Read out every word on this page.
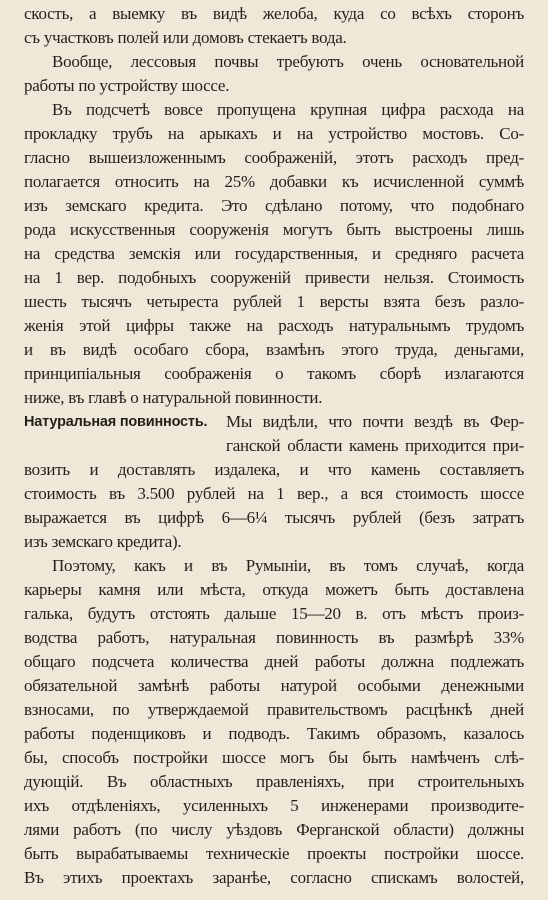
скость, а выемку въ видѣ желоба, куда со всѣхъ сторонъ
съ участковъ полей или домовъ стекаетъ вода.
Вообще, лессовыя почвы требуютъ очень основательной
работы по устройству шоссе.
Въ подсчетѣ вовсе пропущена крупная цифра расхода на
прокладку трубъ на арыкахъ и на устройство мостовъ. Со-
гласно вышеизложеннымъ соображеній, этотъ расходъ пред-
полагается относить на 25% добавки къ исчисленной суммѣ
изъ земскаго кредита. Это сдѣлано потому, что подобнаго
рода искусственныя сооруженія могутъ быть выстроены лишь
на средства земскія или государственныя, и средняго расчета
на 1 вер. подобныхъ сооруженій привести нельзя. Стоимость
шесть тысячъ четыреста рублей 1 версты взята безъ разло-
женія этой цифры также на расходъ натуральнымъ трудомъ
и въ видѣ особаго сбора, взамѣнъ этого труда, деньгами,
принципіальныя соображенія о такомъ сборѣ излагаются
ниже, въ главѣ о натуральной повинности.
Натуральная повинность. Мы видѣли, что почти вездѣ въ Фер-
ганской области камень приходится при-
возить и доставлять издалека, и что камень составляетъ
стоимость въ 3.500 рублей на 1 вер., а вся стоимость шоссе
выражается въ цифрѣ 6—6¼ тысячъ рублей (безъ затратъ
изъ земскаго кредита).
Поэтому, какъ и въ Румыніи, въ томъ случаѣ, когда
карьеры камня или мѣста, откуда можетъ быть доставлена
галька, будутъ отстоять дальше 15—20 в. отъ мѣстъ произ-
водства работъ, натуральная повинность въ размѣрѣ 33%
общаго подсчета количества дней работы должна подлежать
обязательной замѣнѣ работы натурой особыми денежными
взносами, по утверждаемой правительствомъ расцѣнкѣ дней
работы поденщиковъ и подводъ. Такимъ образомъ, казалось
бы, способъ постройки шоссе могъ бы быть намѣченъ слѣ-
дующій. Въ областныхъ правленіяхъ, при строительныхъ
ихъ отдѣленіяхъ, усиленныхъ 5 инженерами производите-
лями работъ (по числу уѣздовъ Ферганской области) должны
быть вырабатываемы техническіе проекты постройки шоссе.
Въ этихъ проектахъ заранѣе, согласно спискамъ волостей,
